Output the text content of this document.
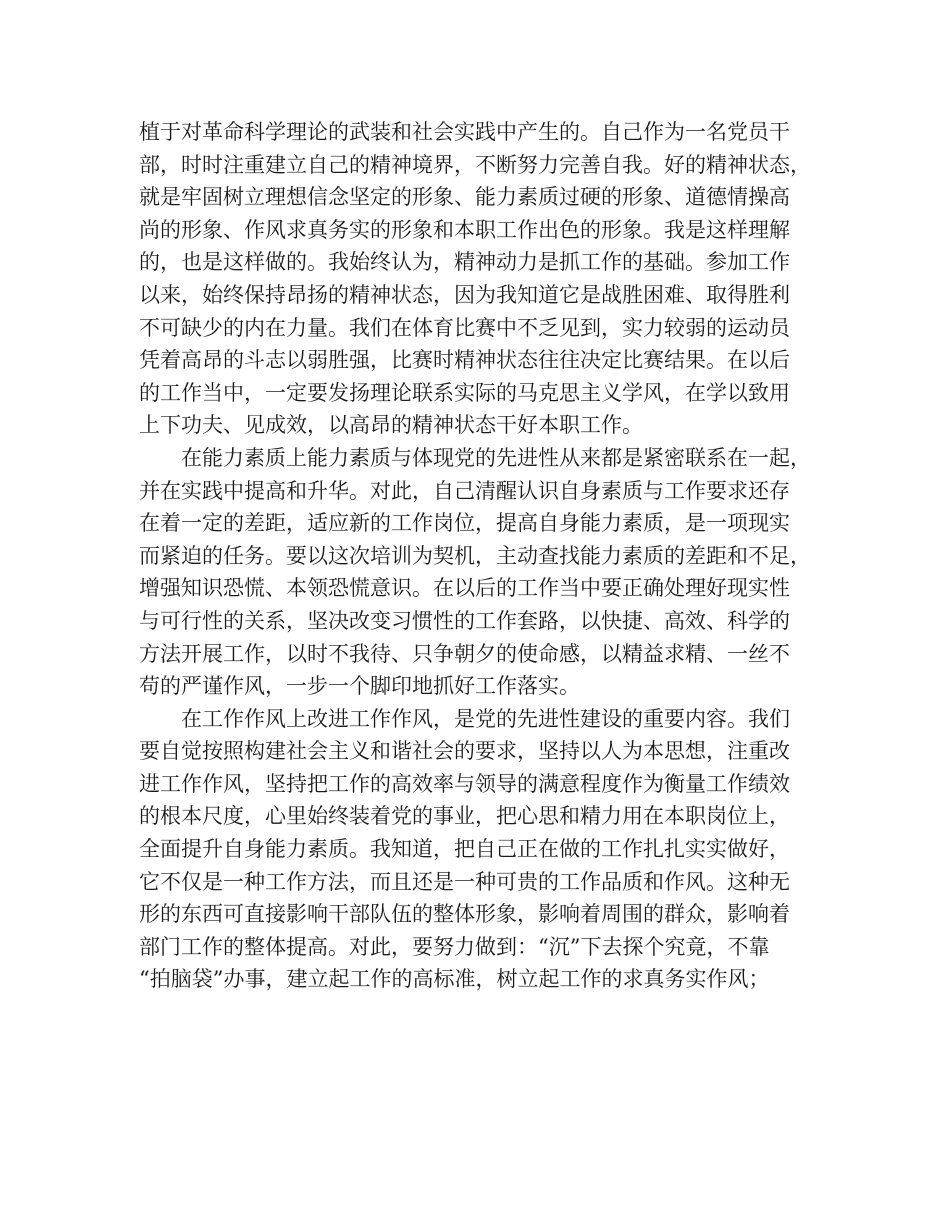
植于对革命科学理论的武装和社会实践中产生的。自己作为一名党员干
部，时时注重建立自己的精神境界，不断努力完善自我。好的精神状态，
就是牢固树立理想信念坚定的形象、能力素质过硬的形象、道德情操高
尚的形象、作风求真务实的形象和本职工作出色的形象。我是这样理解
的，也是这样做的。我始终认为，精神动力是抓工作的基础。参加工作
以来，始终保持昂扬的精神状态，因为我知道它是战胜困难、取得胜利
不可缺少的内在力量。我们在体育比赛中不乏见到，实力较弱的运动员
凭着高昂的斗志以弱胜强，比赛时精神状态往往决定比赛结果。在以后
的工作当中，一定要发扬理论联系实际的马克思主义学风，在学以致用
上下功夫、见成效，以高昂的精神状态干好本职工作。
　　在能力素质上能力素质与体现党的先进性从来都是紧密联系在一起，
并在实践中提高和升华。对此，自己清醒认识自身素质与工作要求还存
在着一定的差距，适应新的工作岗位，提高自身能力素质，是一项现实
而紧迫的任务。要以这次培训为契机，主动查找能力素质的差距和不足，
增强知识恐慌、本领恐慌意识。在以后的工作当中要正确处理好现实性
与可行性的关系，坚决改变习惯性的工作套路，以快捷、高效、科学的
方法开展工作，以时不我待、只争朝夕的使命感，以精益求精、一丝不
苟的严谨作风，一步一个脚印地抓好工作落实。
　　在工作作风上改进工作作风，是党的先进性建设的重要内容。我们
要自觉按照构建社会主义和谐社会的要求，坚持以人为本思想，注重改
进工作作风，坚持把工作的高效率与领导的满意程度作为衡量工作绩效
的根本尺度，心里始终装着党的事业，把心思和精力用在本职岗位上，
全面提升自身能力素质。我知道，把自己正在做的工作扎扎实实做好，
它不仅是一种工作方法，而且还是一种可贵的工作品质和作风。这种无
形的东西可直接影响干部队伍的整体形象，影响着周围的群众，影响着
部门工作的整体提高。对此，要努力做到：“沉”下去探个究竟，不靠
“拍脑袋”办事，建立起工作的高标准，树立起工作的求真务实作风；
